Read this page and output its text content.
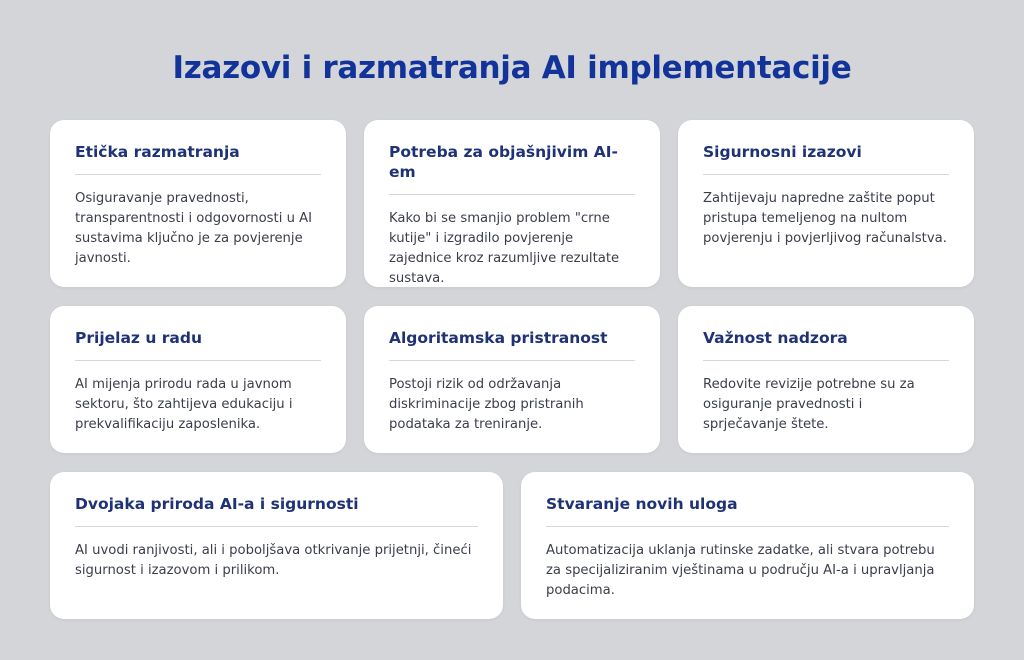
Izazovi i razmatranja AI implementacije
Etička razmatranja

Osiguravanje pravednosti, transparentnosti i odgovornosti u AI sustavima ključno je za povjerenje javnosti.

Potreba za objašnjivim AI-em

Kako bi se smanjio problem "crne kutije" i izgradilo povjerenje zajednice kroz razumljive rezultate sustava.

Sigurnosni izazovi

Zahtijevaju napredne zaštite poput pristupa temeljenog na nultom povjerenju i povjerljivog računalstva.

Prijelaz u radu

AI mijenja prirodu rada u javnom sektoru, što zahtijeva edukaciju i prekvalifikaciju zaposlenika.

Algoritamska pristranost

Postoji rizik od održavanja diskriminacije zbog pristranih podataka za treniranje.

Važnost nadzora

Redovite revizije potrebne su za osiguranje pravednosti i sprječavanje štete.

Dvojaka priroda AI-a i sigurnosti

AI uvodi ranjivosti, ali i poboljšava otkrivanje prijetnji, čineći sigurnost i izazovom i prilikom.

Stvaranje novih uloga

Automatizacija uklanja rutinske zadatke, ali stvara potrebu za specijaliziranim vještinama u području AI-a i upravljanja podacima.
